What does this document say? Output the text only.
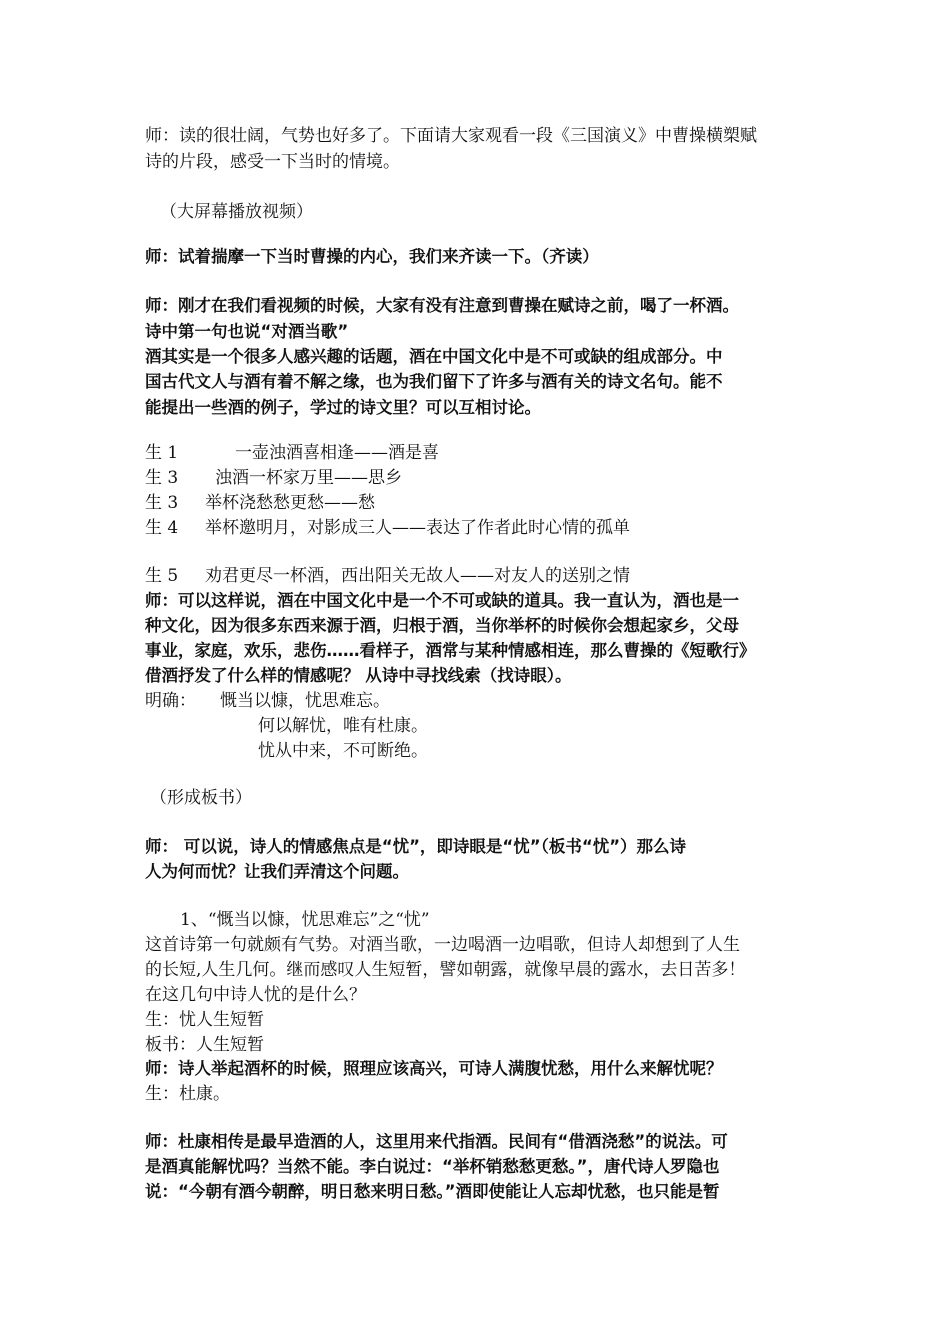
师：读的很壮阔，气势也好多了。下面请大家观看一段《三国演义》中曹操横槊赋
诗的片段，感受一下当时的情境。
（大屏幕播放视频）
师：试着揣摩一下当时曹操的内心，我们来齐读一下。（齐读）
师：刚才在我们看视频的时候，大家有没有注意到曹操在赋诗之前，喝了一杯酒。
诗中第一句也说“对酒当歌”
酒其实是一个很多人感兴趣的话题，酒在中国文化中是不可或缺的组成部分。中
国古代文人与酒有着不解之缘，也为我们留下了许多与酒有关的诗文名句。能不
能提出一些酒的例子，学过的诗文里？可以互相讨论。
生 1	一壶浊酒喜相逢——酒是喜
生 3 浊酒一杯家万里——思乡
生 3 举杯浇愁愁更愁——愁
生 4 举杯邀明月，对影成三人——表达了作者此时心情的孤单
生 5 劝君更尽一杯酒，西出阳关无故人——对友人的送别之情
师：可以这样说，酒在中国文化中是一个不可或缺的道具。我一直认为，酒也是一
种文化，因为很多东西来源于酒，归根于酒，当你举杯的时候你会想起家乡，父母
事业，家庭，欢乐，悲伤……看样子，酒常与某种情感相连，那么曹操的《短歌行》
借酒抒发了什么样的情感呢？ 从诗中寻找线索（找诗眼）。
明确： 慨当以慷，忧思难忘。
何以解忧，唯有杜康。
忧从中来，不可断绝。
（形成板书）
师： 可以说，诗人的情感焦点是“忧”，即诗眼是“忧”（板书“忧”）那么诗
人为何而忧？让我们弄清这个问题。
1、“慨当以慷，忧思难忘”之“忧”
这首诗第一句就颇有气势。对酒当歌，一边喝酒一边唱歌，但诗人却想到了人生
的长短,人生几何。继而感叹人生短暂，譬如朝露，就像早晨的露水，去日苦多！
在这几句中诗人忧的是什么？
生：忧人生短暂
板书：人生短暂
师：诗人举起酒杯的时候，照理应该高兴，可诗人满腹忧愁，用什么来解忧呢？
生：杜康。
师：杜康相传是最早造酒的人，这里用来代指酒。民间有“借酒浇愁”的说法。可
是酒真能解忧吗？当然不能。李白说过：“举杯销愁愁更愁。”，唐代诗人罗隐也
说：“今朝有酒今朝醉，明日愁来明日愁。”酒即使能让人忘却忧愁，也只能是暂
